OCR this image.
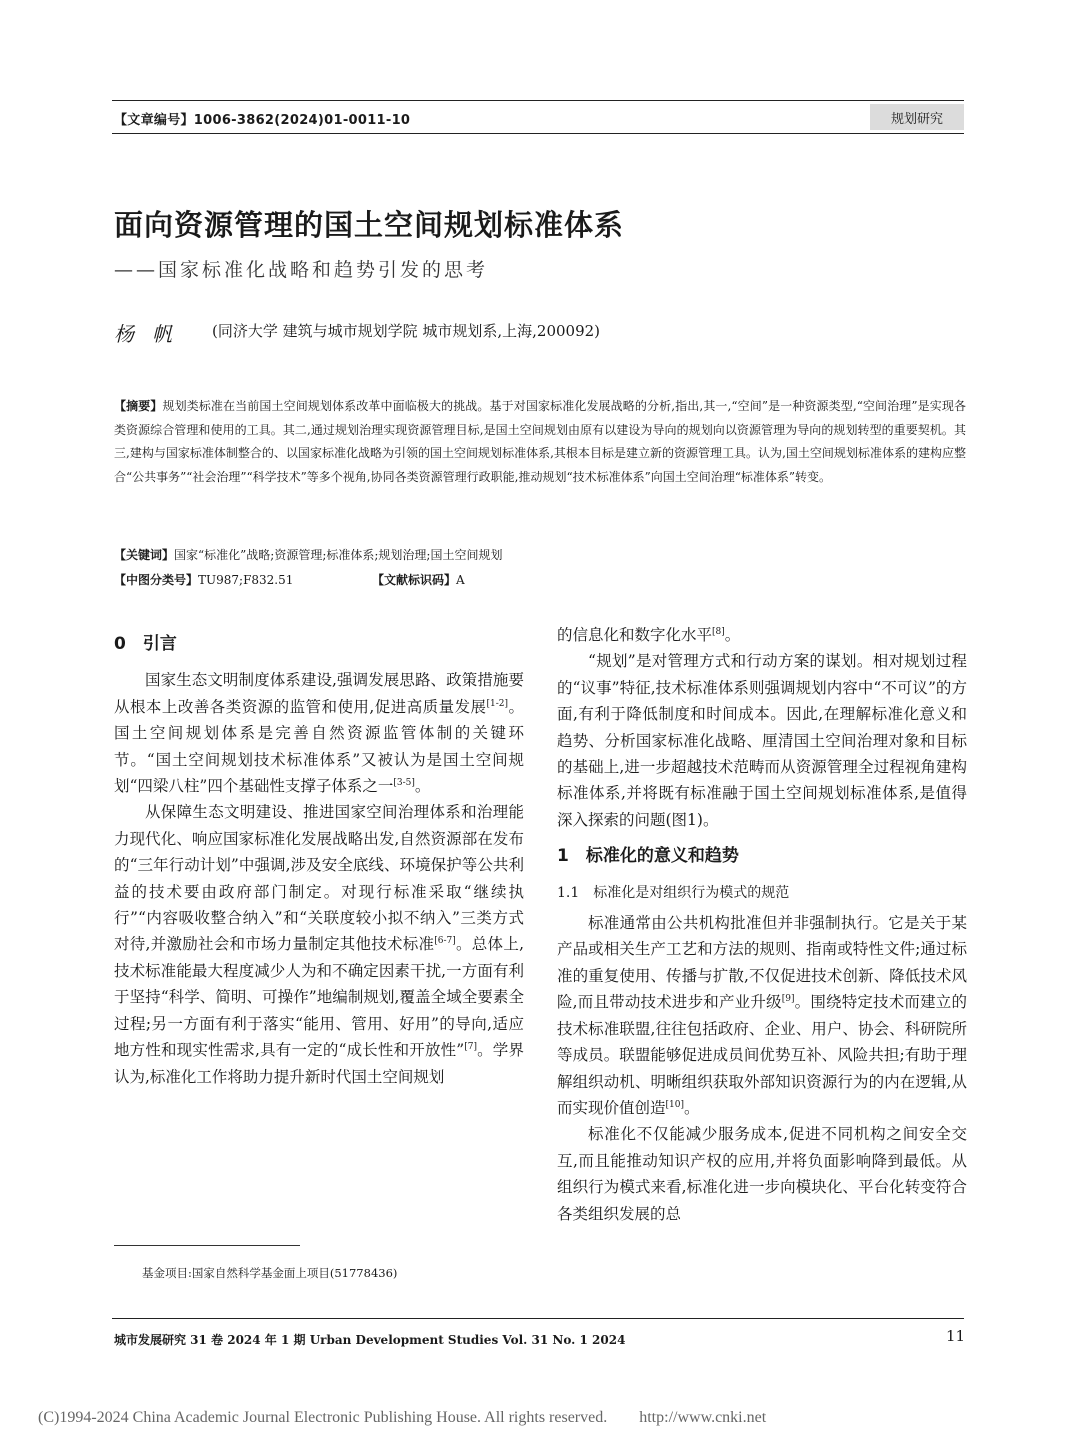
【文章编号】1006-3862(2024)01-0011-10	规划研究
面向资源管理的国土空间规划标准体系
——国家标准化战略和趋势引发的思考
杨帆 (同济大学 建筑与城市规划学院 城市规划系,上海,200092)
【摘要】规划类标准在当前国土空间规划体系改革中面临极大的挑战。基于对国家标准化发展战略的分析,指出,其一,“空间”是一种资源类型,“空间治理”是实现各类资源综合管理和使用的工具。其二,通过规划治理实现资源管理目标,是国土空间规划由原有以建设为导向的规划向以资源管理为导向的规划转型的重要契机。其三,建构与国家标准体制整合的、以国家标准化战略为引领的国土空间规划标准体系,其根本目标是建立新的资源管理工具。认为,国土空间规划标准体系的建构应整合“公共事务”“社会治理”“科学技术”等多个视角,协同各类资源管理行政职能,推动规划“技术标准体系”向国土空间治理“标准体系”转变。
【关键词】国家“标准化”战略;资源管理;标准体系;规划治理;国土空间规划
【中图分类号】TU987;F832.51	【文献标识码】A
0　引言

国家生态文明制度体系建设,强调发展思路、政策措施要从根本上改善各类资源的监管和使用,促进高质量发展[1-2]。国土空间规划体系是完善自然资源监管体制的关键环节。“国土空间规划技术标准体系”又被认为是国土空间规划“四梁八柱”四个基础性支撑子体系之一[3-5]。

从保障生态文明建设、推进国家空间治理体系和治理能力现代化、响应国家标准化发展战略出发,自然资源部在发布的“三年行动计划”中强调,涉及安全底线、环境保护等公共利益的技术要由政府部门制定。对现行标准采取“继续执行”“内容吸收整合纳入”和“关联度较小拟不纳入”三类方式对待,并激励社会和市场力量制定其他技术标准[6-7]。总体上,技术标准能最大程度减少人为和不确定因素干扰,一方面有利于坚持“科学、简明、可操作”地编制规划,覆盖全域全要素全过程;另一方面有利于落实“能用、管用、好用”的导向,适应地方性和现实性需求,具有一定的“成长性和开放性”[7]。学界认为,标准化工作将助力提升新时代国土空间规划

基金项目:国家自然科学基金面上项目(51778436)

的信息化和数字化水平[8]。

“规划”是对管理方式和行动方案的谋划。相对规划过程的“议事”特征,技术标准体系则强调规划内容中“不可议”的方面,有利于降低制度和时间成本。因此,在理解标准化意义和趋势、分析国家标准化战略、厘清国土空间治理对象和目标的基础上,进一步超越技术范畴而从资源管理全过程视角建构标准体系,并将既有标准融于国土空间规划标准体系,是值得深入探索的问题(图1)。

1　标准化的意义和趋势
1.1　标准化是对组织行为模式的规范

标准通常由公共机构批准但并非强制执行。它是关于某产品或相关生产工艺和方法的规则、指南或特性文件;通过标准的重复使用、传播与扩散,不仅促进技术创新、降低技术风险,而且带动技术进步和产业升级[9]。围绕特定技术而建立的技术标准联盟,往往包括政府、企业、用户、协会、科研院所等成员。联盟能够促进成员间优势互补、风险共担;有助于理解组织动机、明晰组织获取外部知识资源行为的内在逻辑,从而实现价值创造[10]。

标准化不仅能减少服务成本,促进不同机构之间安全交互,而且能推动知识产权的应用,并将负面影响降到最低。从组织行为模式来看,标准化进一步向模块化、平台化转变符合各类组织发展的总

城市发展研究 31 卷 2024 年 1 期 Urban Development Studies Vol. 31 No. 1 2024	11
(C)1994-2024 China Academic Journal Electronic Publishing House. All rights reserved.　　http://www.cnki.net
